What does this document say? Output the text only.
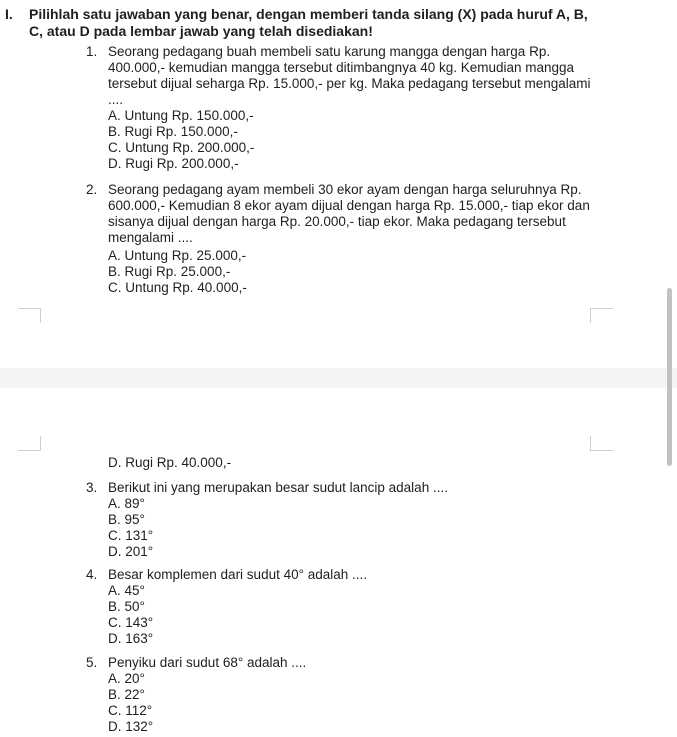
I. Pilihlah satu jawaban yang benar, dengan memberi tanda silang (X) pada huruf A, B, C, atau D pada lembar jawab yang telah disediakan!
1. Seorang pedagang buah membeli satu karung mangga dengan harga Rp. 400.000,- kemudian mangga tersebut ditimbangnya 40 kg. Kemudian mangga tersebut dijual seharga Rp. 15.000,- per kg. Maka pedagang tersebut mengalami ....
A. Untung Rp. 150.000,-
B. Rugi Rp. 150.000,-
C. Untung Rp. 200.000,-
D. Rugi Rp. 200.000,-
2. Seorang pedagang ayam membeli 30 ekor ayam dengan harga seluruhnya Rp. 600.000,- Kemudian 8 ekor ayam dijual dengan harga Rp. 15.000,- tiap ekor dan sisanya dijual dengan harga Rp. 20.000,- tiap ekor. Maka pedagang tersebut mengalami ....
A. Untung Rp. 25.000,-
B. Rugi Rp. 25.000,-
C. Untung Rp. 40.000,-
D. Rugi Rp. 40.000,-
3. Berikut ini yang merupakan besar sudut lancip adalah ....
A. 89°
B. 95°
C. 131°
D. 201°
4. Besar komplemen dari sudut 40° adalah ....
A. 45°
B. 50°
C. 143°
D. 163°
5. Penyiku dari sudut 68° adalah ....
A. 20°
B. 22°
C. 112°
D. 132°
